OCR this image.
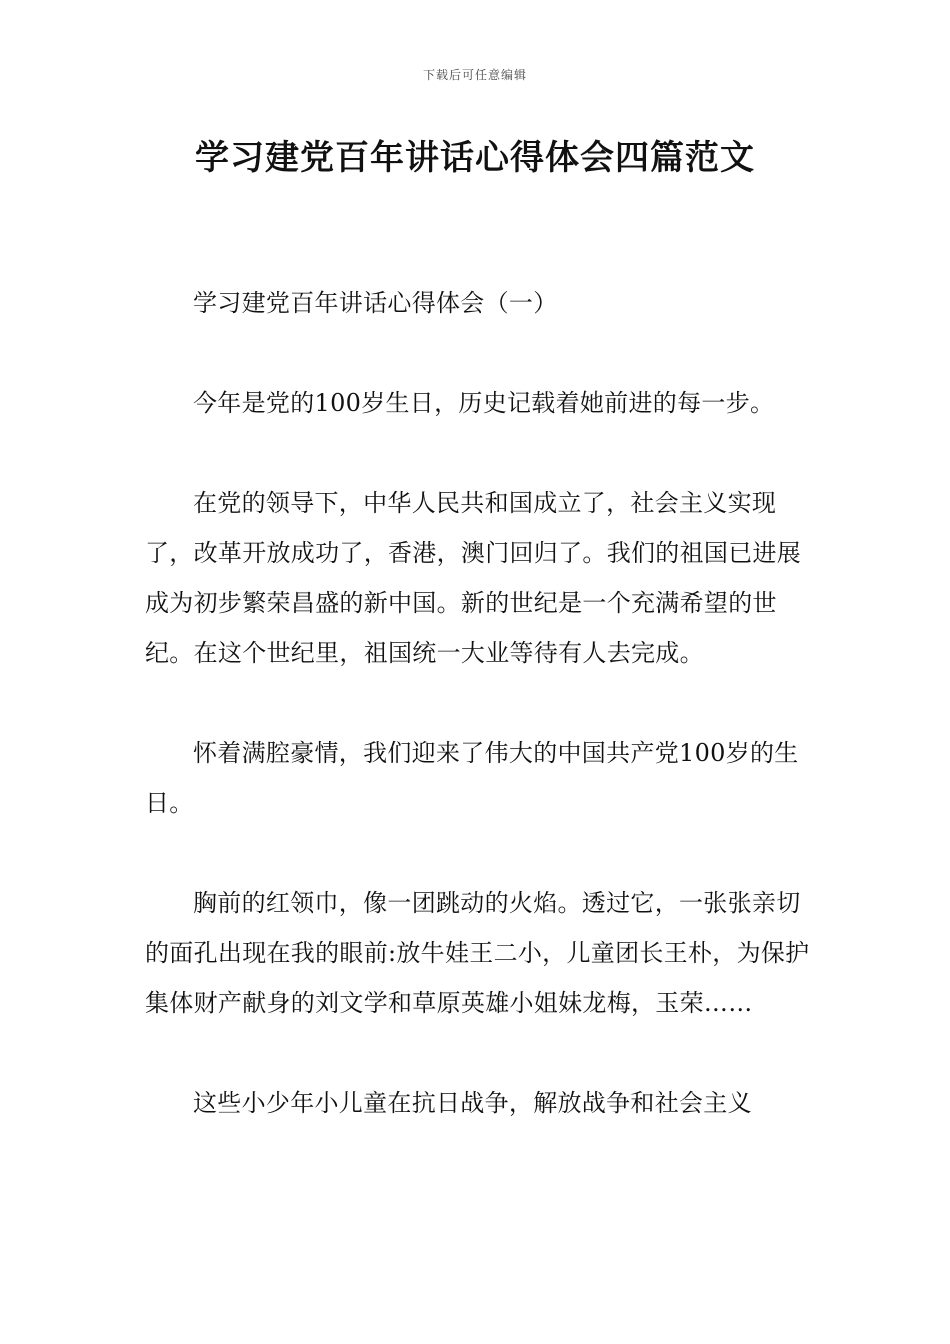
下载后可任意编辑
学习建党百年讲话心得体会四篇范文

学习建党百年讲话心得体会（一）

今年是党的100岁生日，历史记载着她前进的每一步。

在党的领导下，中华人民共和国成立了，社会主义实现了，改革开放成功了，香港，澳门回归了。我们的祖国已进展成为初步繁荣昌盛的新中国。新的世纪是一个充满希望的世纪。在这个世纪里，祖国统一大业等待有人去完成。

怀着满腔豪情，我们迎来了伟大的中国共产党100岁的生日。

胸前的红领巾，像一团跳动的火焰。透过它，一张张亲切的面孔出现在我的眼前:放牛娃王二小，儿童团长王朴，为保护集体财产献身的刘文学和草原英雄小姐妹龙梅，玉荣……

这些小少年小儿童在抗日战争，解放战争和社会主义
